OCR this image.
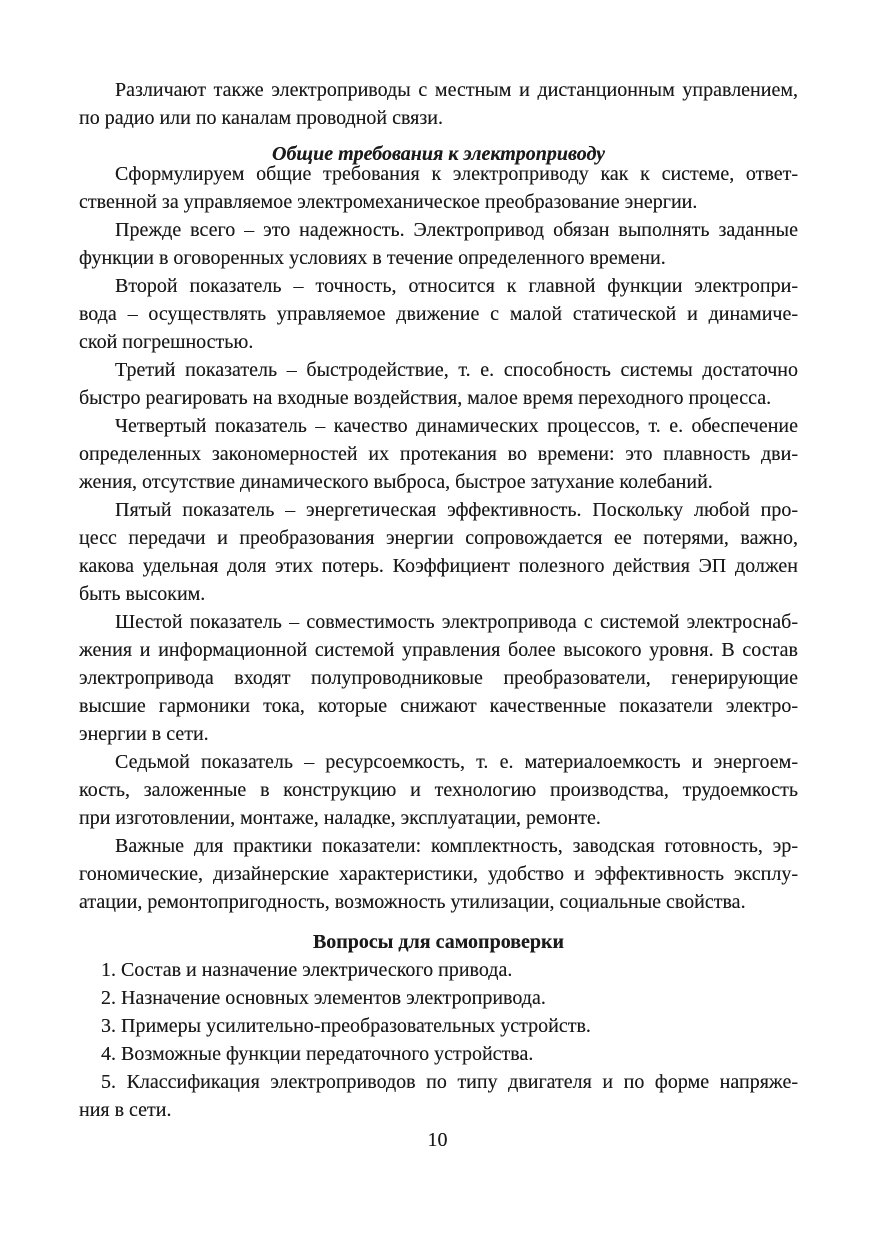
Различают также электроприводы с местным и дистанционным управлением,
по радио или по каналам проводной связи.
Общие требования к электроприводу
Сформулируем общие требования к электроприводу как к системе, ответ-
ственной за управляемое электромеханическое преобразование энергии.
Прежде всего – это надежность. Электропривод обязан выполнять заданные
функции в оговоренных условиях в течение определенного времени.
Второй показатель – точность, относится к главной функции электропри-
вода – осуществлять управляемое движение с малой статической и динамиче-
ской погрешностью.
Третий показатель – быстродействие, т. е. способность системы достаточно
быстро реагировать на входные воздействия, малое время переходного процесса.
Четвертый показатель – качество динамических процессов, т. е. обеспечение
определенных закономерностей их протекания во времени: это плавность дви-
жения, отсутствие динамического выброса, быстрое затухание колебаний.
Пятый показатель – энергетическая эффективность. Поскольку любой про-
цесс передачи и преобразования энергии сопровождается ее потерями, важно,
какова удельная доля этих потерь. Коэффициент полезного действия ЭП должен
быть высоким.
Шестой показатель – совместимость электропривода с системой электроснаб-
жения и информационной системой управления более высокого уровня. В состав
электропривода входят полупроводниковые преобразователи, генерирующие
высшие гармоники тока, которые снижают качественные показатели электро-
энергии в сети.
Седьмой показатель – ресурсоемкость, т. е. материалоемкость и энергоем-
кость, заложенные в конструкцию и технологию производства, трудоемкость
при изготовлении, монтаже, наладке, эксплуатации, ремонте.
Важные для практики показатели: комплектность, заводская готовность, эр-
гономические, дизайнерские характеристики, удобство и эффективность эксплу-
атации, ремонтопригодность, возможность утилизации, социальные свойства.
Вопросы для самопроверки
1. Состав и назначение электрического привода.
2. Назначение основных элементов электропривода.
3. Примеры усилительно-преобразовательных устройств.
4. Возможные функции передаточного устройства.
5. Классификация электроприводов по типу двигателя и по форме напряже-
ния в сети.
10
